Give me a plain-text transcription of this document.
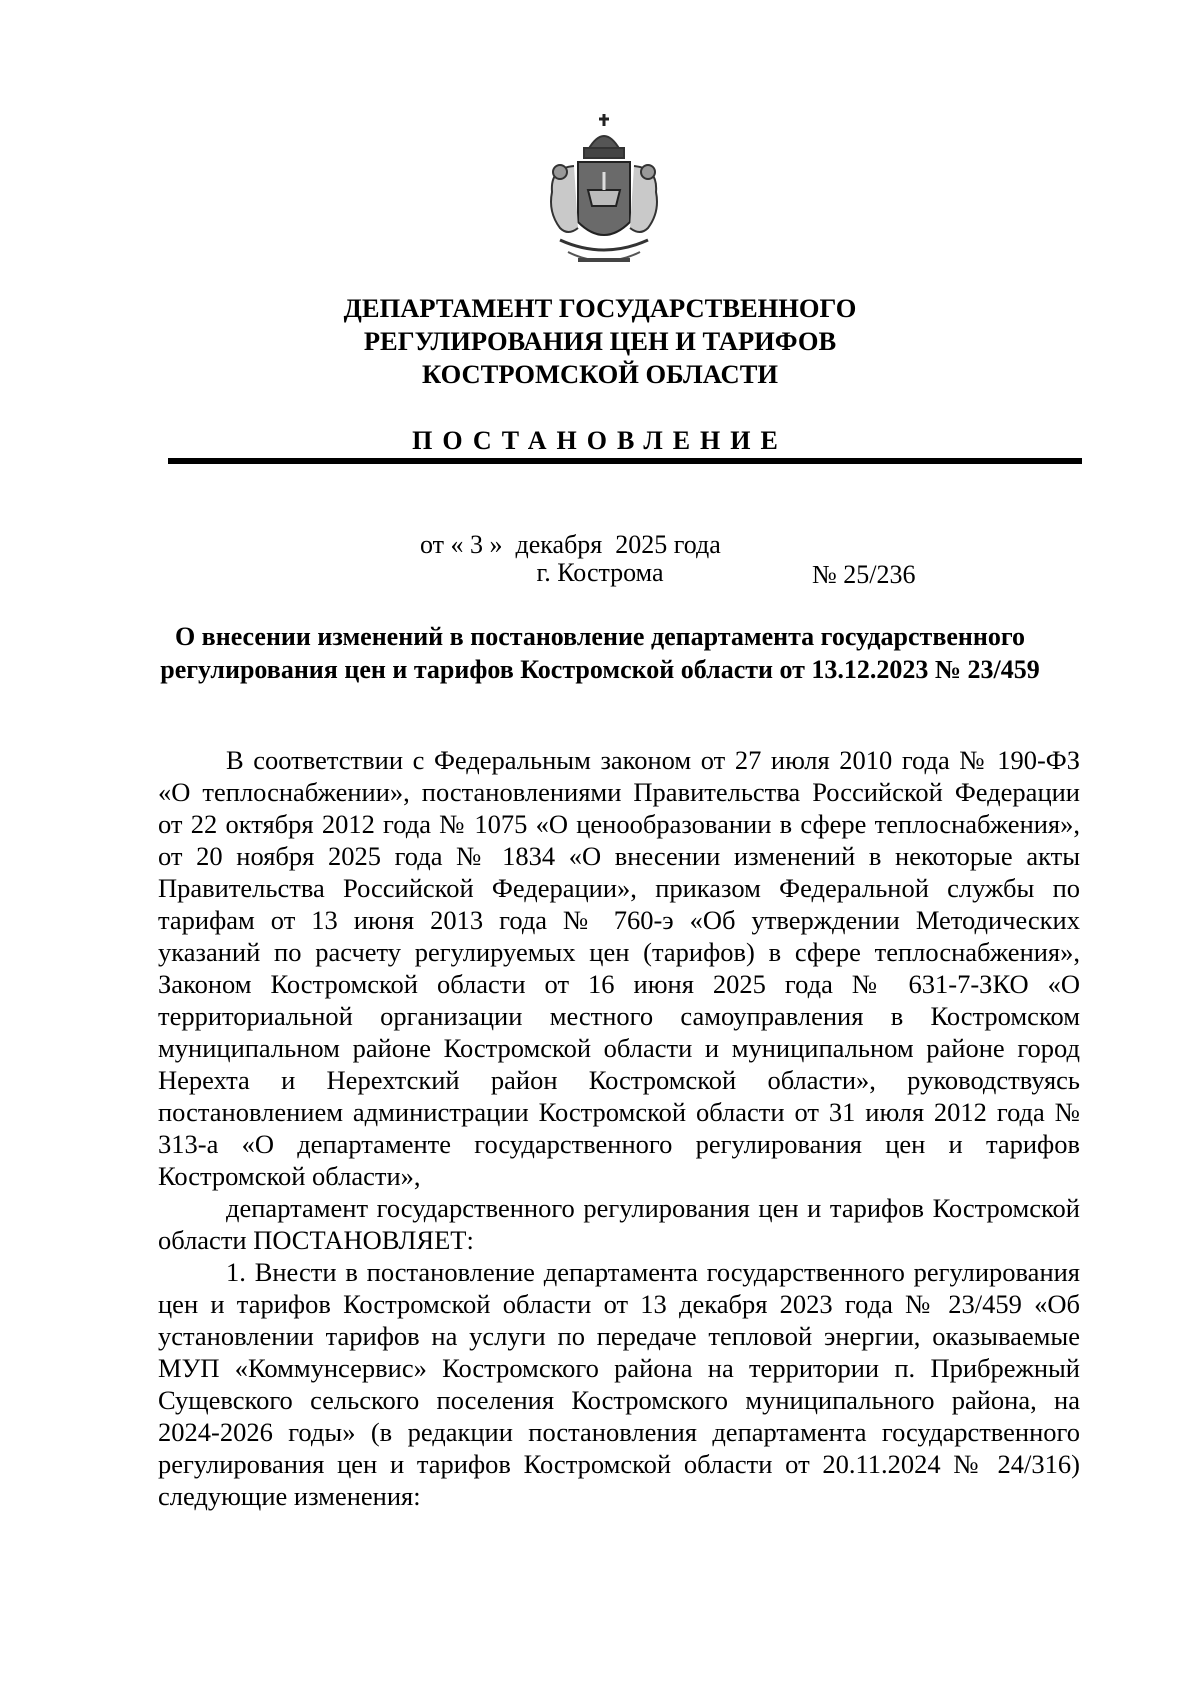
ДЕПАРТАМЕНТ ГОСУДАРСТВЕННОГО
РЕГУЛИРОВАНИЯ ЦЕН И ТАРИФОВ
КОСТРОМСКОЙ ОБЛАСТИ
ПОСТАНОВЛЕНИЕ

от « 3 »  декабря  2025 года

№ 25/236

г. Кострома
О внесении изменений в постановление департамента государственного
регулирования цен и тарифов Костромской области от 13.12.2023 № 23/459

В соответствии с Федеральным законом от 27 июля 2010 года № 190-ФЗ «О теплоснабжении», постановлениями Правительства Российской Федерации от 22 октября 2012 года № 1075 «О ценообразовании в сфере теплоснабжения», от 20 ноября 2025 года № 1834 «О внесении изменений в некоторые акты Правительства Российской Федерации», приказом Федеральной службы по тарифам от 13 июня 2013 года № 760-э «Об утверждении Методических указаний по расчету регулируемых цен (тарифов) в сфере теплоснабжения», Законом Костромской области от 16 июня 2025 года № 631-7-ЗКО «О территориальной организации местного самоуправления в Костромском муниципальном районе Костромской области и муниципальном районе город Нерехта и Нерехтский район Костромской области», руководствуясь постановлением администрации Костромской области от 31 июля 2012 года № 313-а «О департаменте государственного регулирования цен и тарифов Костромской области»,

департамент государственного регулирования цен и тарифов Костромской области ПОСТАНОВЛЯЕТ:

1. Внести в постановление департамента государственного регулирования цен и тарифов Костромской области от 13 декабря 2023 года № 23/459 «Об установлении тарифов на услуги по передаче тепловой энергии, оказываемые МУП «Коммунсервис» Костромского района на территории п. Прибрежный Сущевского сельского поселения Костромского муниципального района, на 2024-2026 годы» (в редакции постановления департамента государственного регулирования цен и тарифов Костромской области от 20.11.2024 № 24/316) следующие изменения:
